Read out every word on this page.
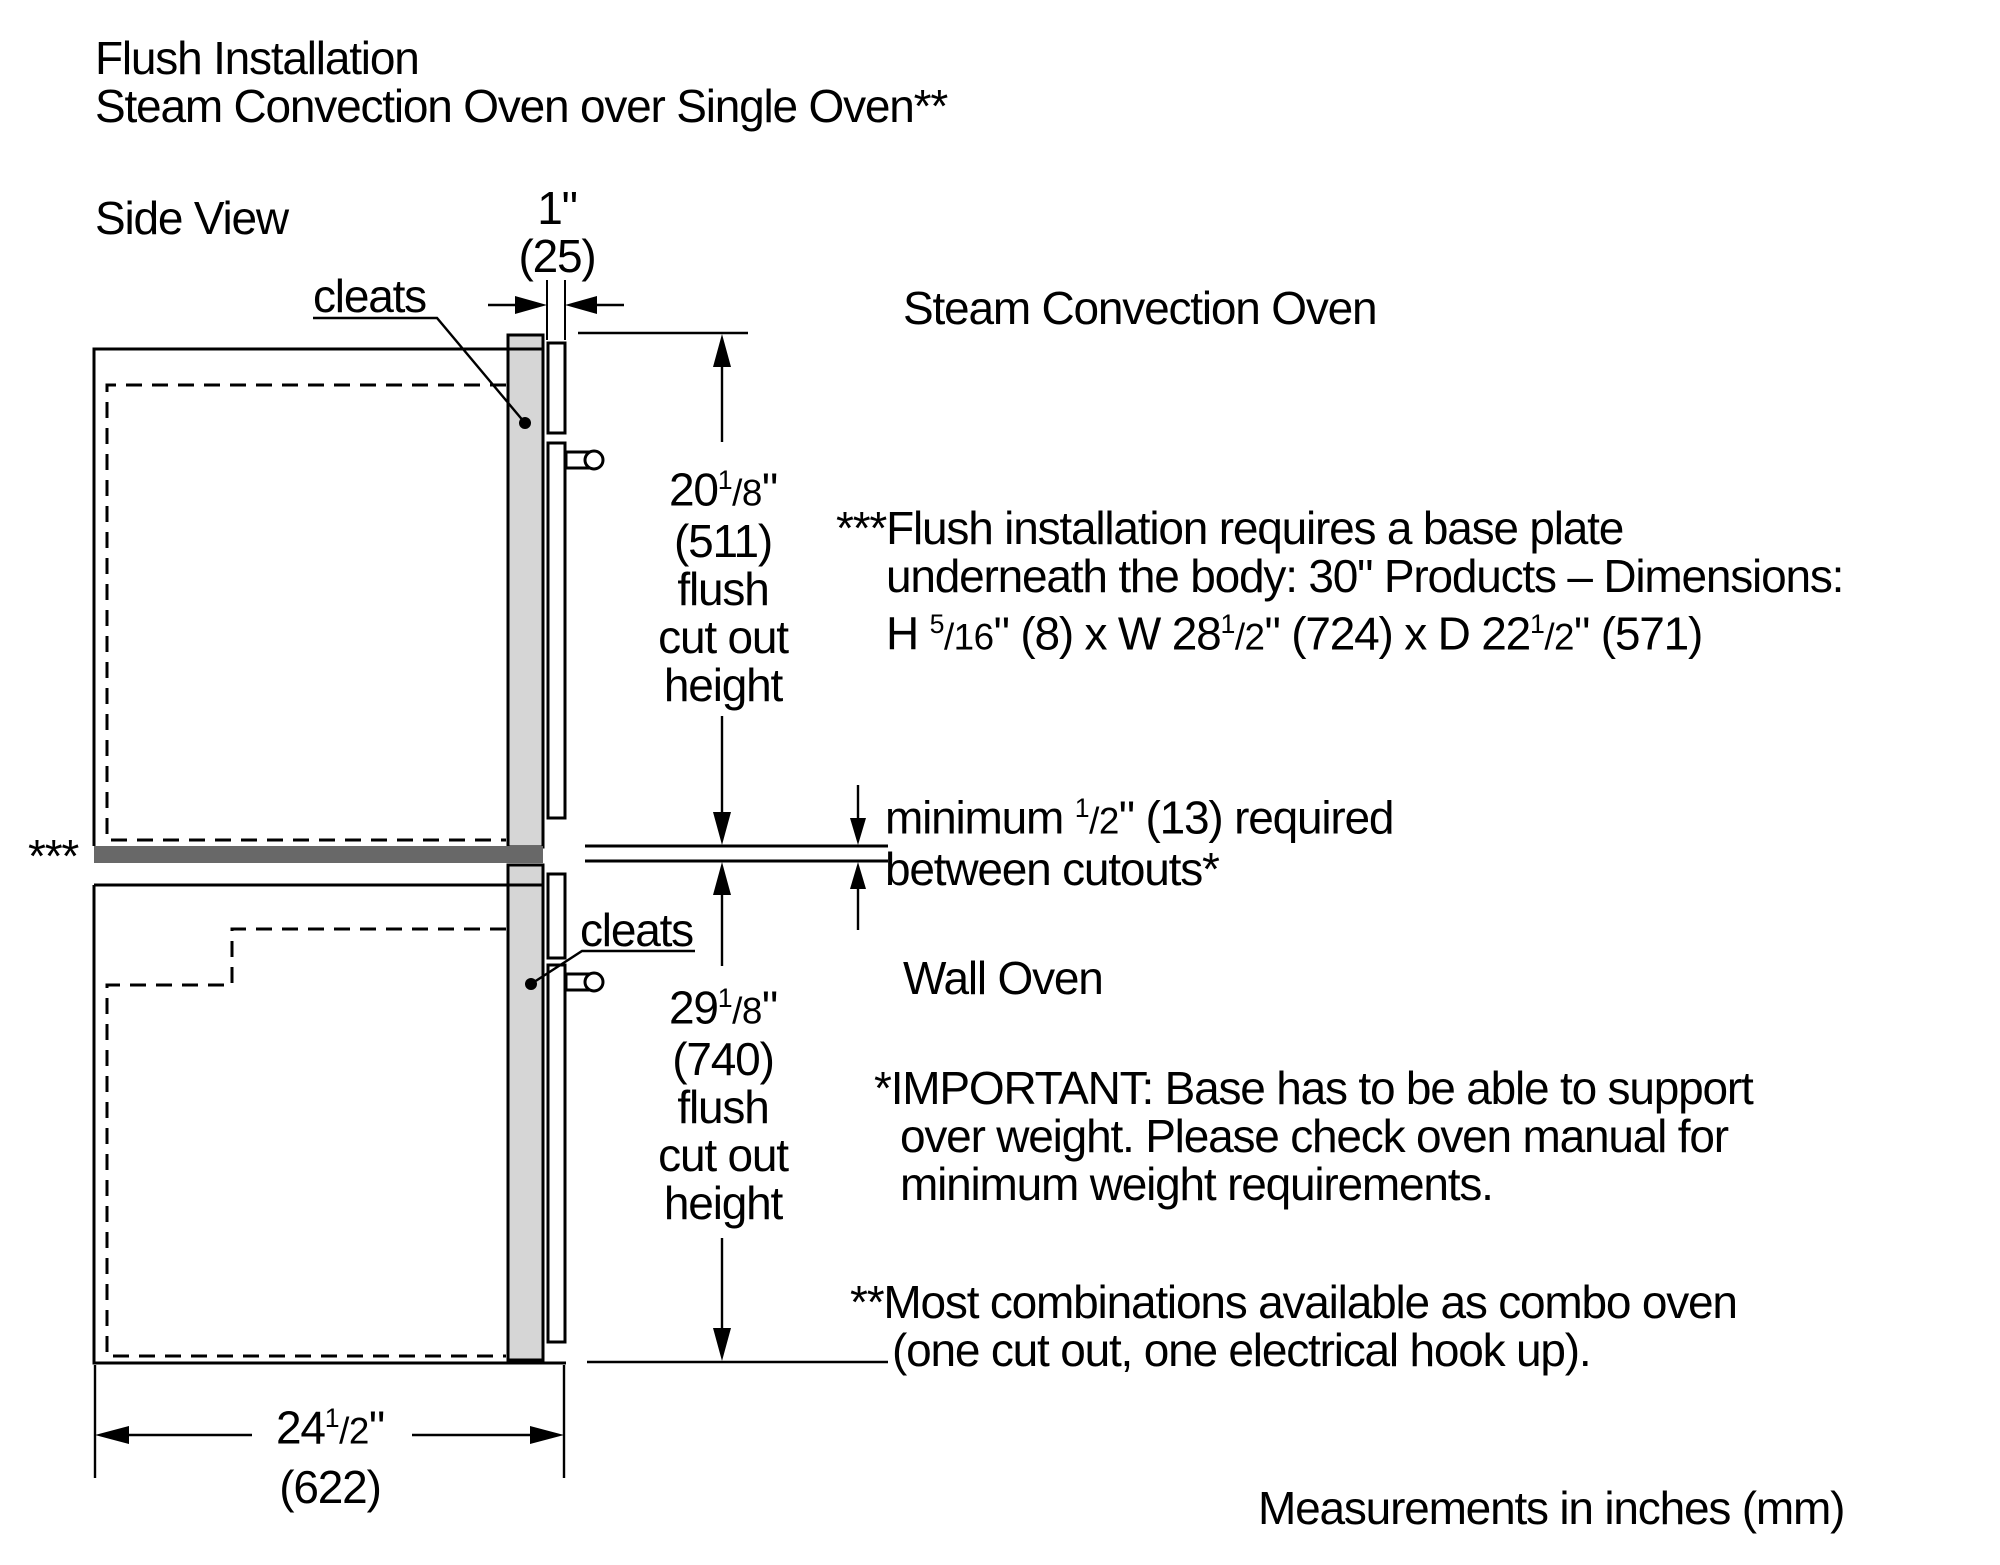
Flush Installation
Steam Convection Oven over Single Oven**
Side View	1"
(25)
cleats	Steam Convection Oven
$20^1/8$"
(511)
flush
cut out
height
***Flush installation requires a base plate
underneath the body: 30" Products – Dimensions:
H $^5$/16" (8) x W $28^1/2$" (724) x D $22^1/2$" (571)
minimum $^1$/2" (13) required
between cutouts*
***
cleats
Wall Oven
$29^1/8$"
(740)
flush
cut out
height
*IMPORTANT: Base has to be able to support
over weight. Please check oven manual for
minimum weight requirements.
**Most combinations available as combo oven
(one cut out, one electrical hook up).
$24^1/2$"
(622)	Measurements in inches (mm)
